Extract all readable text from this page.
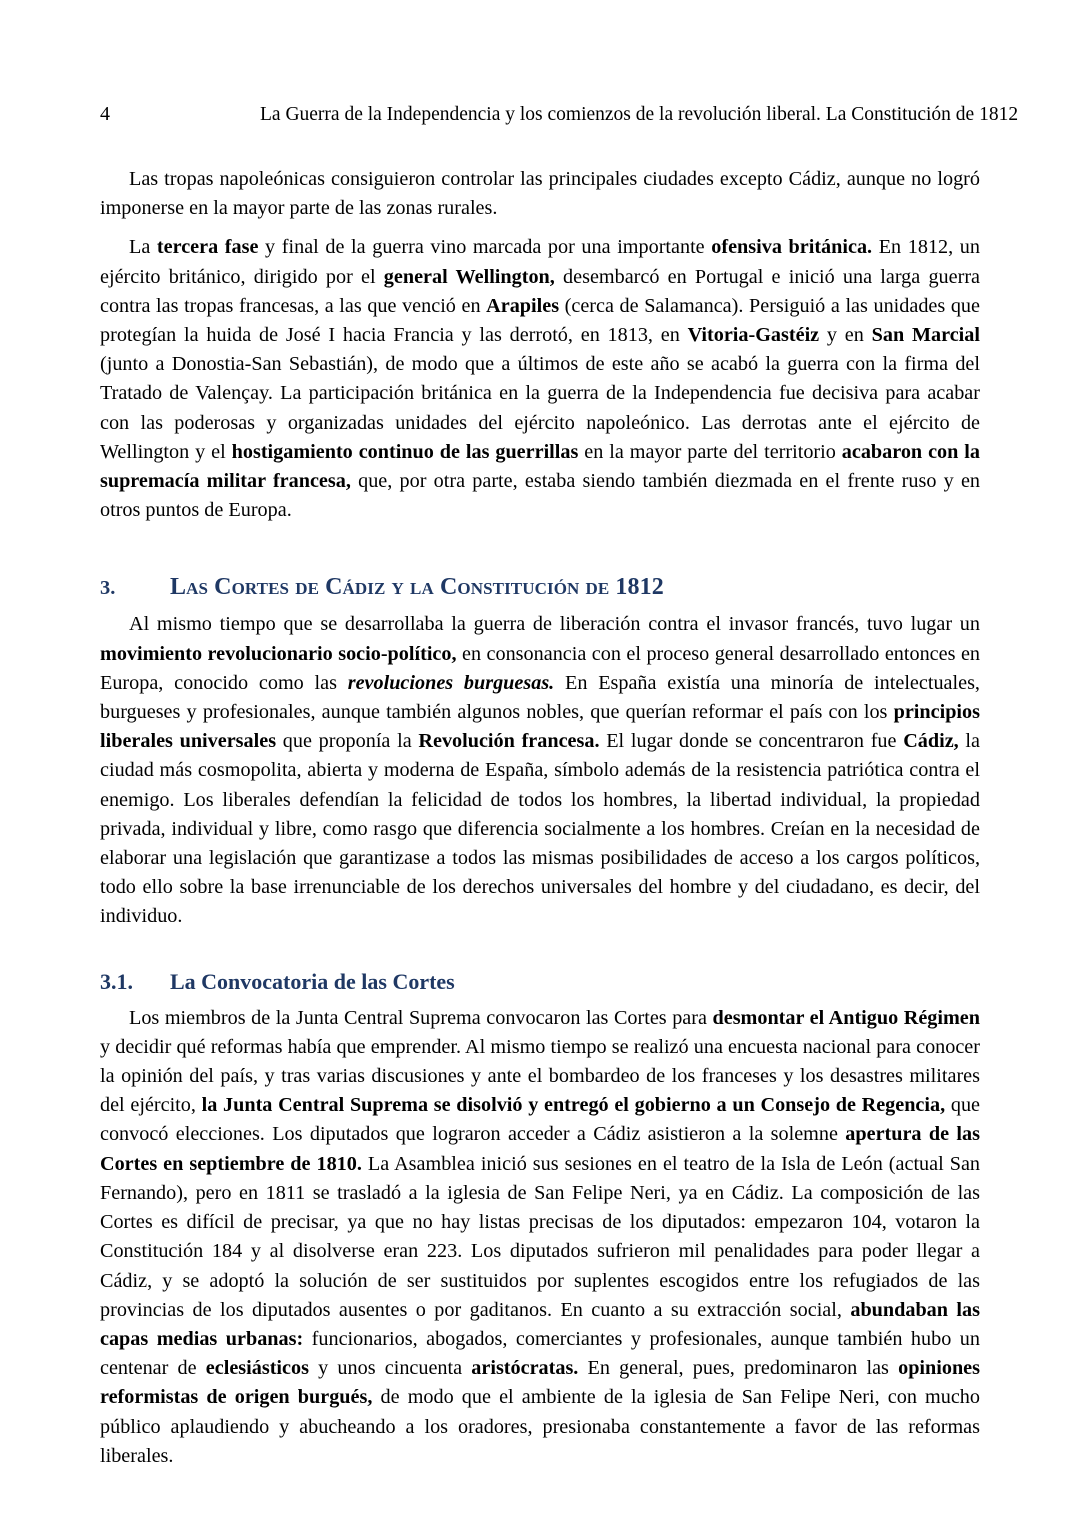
4	La Guerra de la Independencia y los comienzos de la revolución liberal. La Constitución de 1812

Las tropas napoleónicas consiguieron controlar las principales ciudades excepto Cádiz, aunque no logró imponerse en la mayor parte de las zonas rurales.

La tercera fase y final de la guerra vino marcada por una importante ofensiva británica. En 1812, un ejército británico, dirigido por el general Wellington, desembarcó en Portugal e inició una larga guerra contra las tropas francesas, a las que venció en Arapiles (cerca de Salamanca). Persiguió a las unidades que protegían la huida de José I hacia Francia y las derrotó, en 1813, en Vitoria-Gastéiz y en San Marcial (junto a Donostia-San Sebastián), de modo que a últimos de este año se acabó la guerra con la firma del Tratado de Valençay. La participación británica en la guerra de la Independencia fue decisiva para acabar con las poderosas y organizadas unidades del ejército napoleónico. Las derrotas ante el ejército de Wellington y el hostigamiento continuo de las guerrillas en la mayor parte del territorio acabaron con la supremacía militar francesa, que, por otra parte, estaba siendo también diezmada en el frente ruso y en otros puntos de Europa.

3.	Las Cortes de Cádiz y la Constitución de 1812

Al mismo tiempo que se desarrollaba la guerra de liberación contra el invasor francés, tuvo lugar un movimiento revolucionario socio-político, en consonancia con el proceso general desarrollado entonces en Europa, conocido como las revoluciones burguesas. En España existía una minoría de intelectuales, burgueses y profesionales, aunque también algunos nobles, que querían reformar el país con los principios liberales universales que proponía la Revolución francesa. El lugar donde se concentraron fue Cádiz, la ciudad más cosmopolita, abierta y moderna de España, símbolo además de la resistencia patriótica contra el enemigo. Los liberales defendían la felicidad de todos los hombres, la libertad individual, la propiedad privada, individual y libre, como rasgo que diferencia socialmente a los hombres. Creían en la necesidad de elaborar una legislación que garantizase a todos las mismas posibilidades de acceso a los cargos políticos, todo ello sobre la base irrenunciable de los derechos universales del hombre y del ciudadano, es decir, del individuo.

3.1.	La Convocatoria de las Cortes

Los miembros de la Junta Central Suprema convocaron las Cortes para desmontar el Antiguo Régimen y decidir qué reformas había que emprender. Al mismo tiempo se realizó una encuesta nacional para conocer la opinión del país, y tras varias discusiones y ante el bombardeo de los franceses y los desastres militares del ejército, la Junta Central Suprema se disolvió y entregó el gobierno a un Consejo de Regencia, que convocó elecciones. Los diputados que lograron acceder a Cádiz asistieron a la solemne apertura de las Cortes en septiembre de 1810. La Asamblea inició sus sesiones en el teatro de la Isla de León (actual San Fernando), pero en 1811 se trasladó a la iglesia de San Felipe Neri, ya en Cádiz. La composición de las Cortes es difícil de precisar, ya que no hay listas precisas de los diputados: empezaron 104, votaron la Constitución 184 y al disolverse eran 223. Los diputados sufrieron mil penalidades para poder llegar a Cádiz, y se adoptó la solución de ser sustituidos por suplentes escogidos entre los refugiados de las provincias de los diputados ausentes o por gaditanos. En cuanto a su extracción social, abundaban las capas medias urbanas: funcionarios, abogados, comerciantes y profesionales, aunque también hubo un centenar de eclesiásticos y unos cincuenta aristócratas. En general, pues, predominaron las opiniones reformistas de origen burgués, de modo que el ambiente de la iglesia de San Felipe Neri, con mucho público aplaudiendo y abucheando a los oradores, presionaba constantemente a favor de las reformas liberales.
